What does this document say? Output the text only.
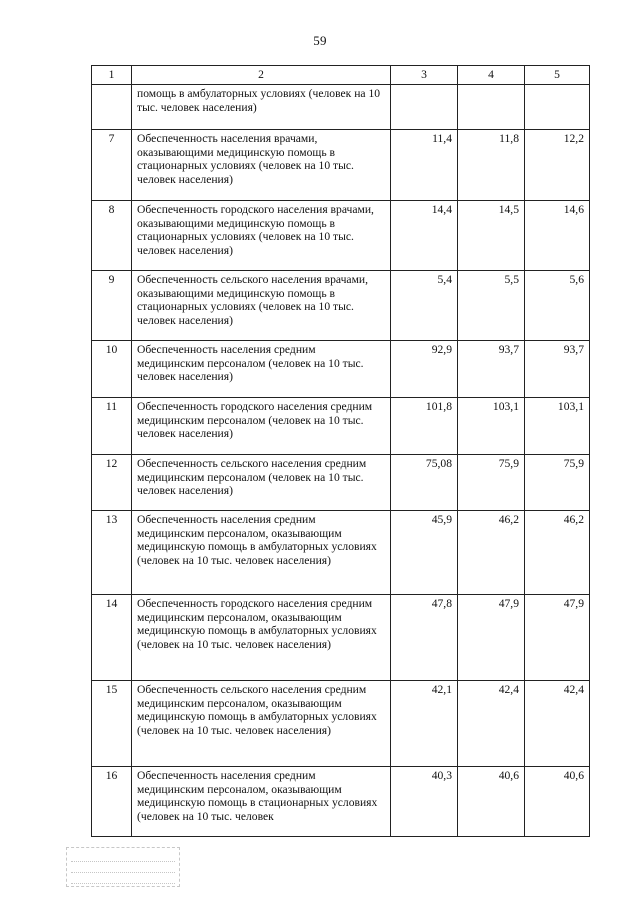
59
1	2	3	4	5
	помощь в амбулаторных условиях (человек на 10 тыс. человек населения)			
7	Обеспеченность населения врачами, оказывающими медицинскую помощь в стационарных условиях (человек на 10 тыс. человек населения)	11,4	11,8	12,2
8	Обеспеченность городского населения врачами, оказывающими медицинскую помощь в стационарных условиях (человек на 10 тыс. человек населения)	14,4	14,5	14,6
9	Обеспеченность сельского населения врачами, оказывающими медицинскую помощь в стационарных условиях (человек на 10 тыс. человек населения)	5,4	5,5	5,6
10	Обеспеченность населения средним медицинским персоналом (человек на 10 тыс. человек населения)	92,9	93,7	93,7
11	Обеспеченность городского населения средним медицинским персоналом (человек на 10 тыс. человек населения)	101,8	103,1	103,1
12	Обеспеченность сельского населения средним медицинским персоналом (человек на 10 тыс. человек населения)	75,08	75,9	75,9
13	Обеспеченность населения средним медицинским персоналом, оказывающим медицинскую помощь в амбулаторных условиях (человек на 10 тыс. человек населения)	45,9	46,2	46,2
14	Обеспеченность городского населения средним медицинским персоналом, оказывающим медицинскую помощь в амбулаторных условиях (человек на 10 тыс. человек населения)	47,8	47,9	47,9
15	Обеспеченность сельского населения средним медицинским персоналом, оказывающим медицинскую помощь в амбулаторных условиях (человек на 10 тыс. человек населения)	42,1	42,4	42,4
16	Обеспеченность населения средним медицинским персоналом, оказывающим медицинскую помощь в стационарных условиях (человек на 10 тыс. человек	40,3	40,6	40,6
